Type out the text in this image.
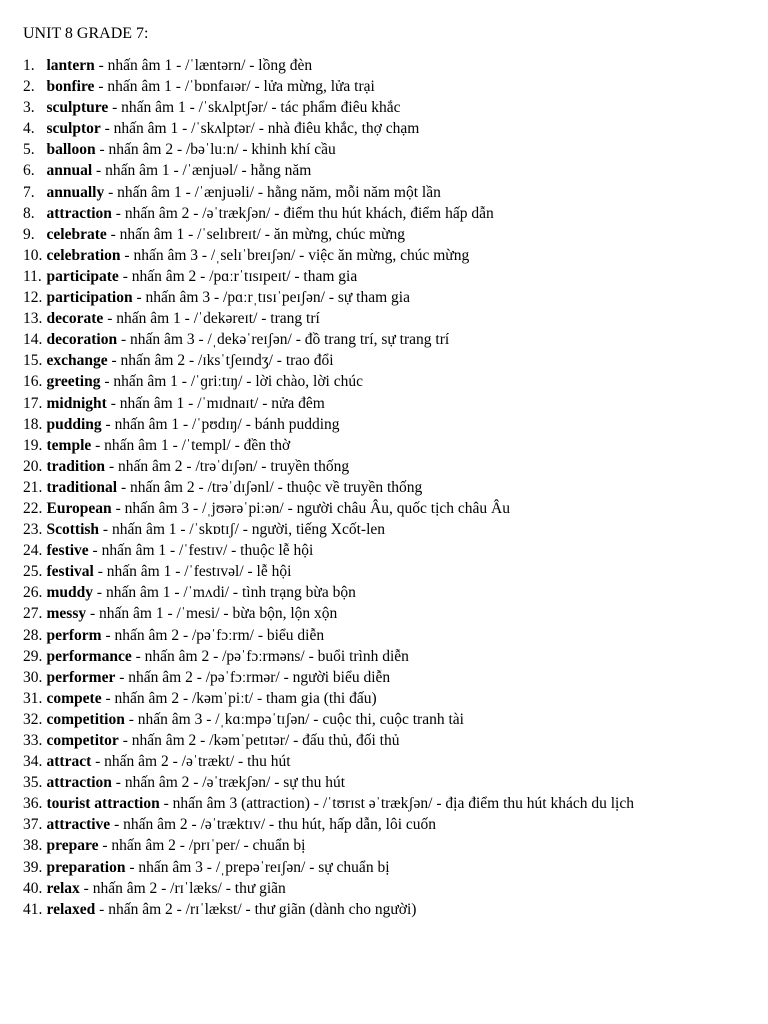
UNIT 8 GRADE 7:
1. lantern - nhấn âm 1 - /ˈlæntərn/ - lồng đèn
2. bonfire - nhấn âm 1 - /ˈbɒnfaɪər/ - lửa mừng, lửa trại
3. sculpture - nhấn âm 1 - /ˈskʌlptʃər/ - tác phẩm điêu khắc
4. sculptor - nhấn âm 1 - /ˈskʌlptər/ - nhà điêu khắc, thợ chạm
5. balloon - nhấn âm 2 - /bəˈluːn/ - khinh khí cầu
6. annual - nhấn âm 1 - /ˈænjuəl/ - hằng năm
7. annually - nhấn âm 1 - /ˈænjuəli/ - hằng năm, mỗi năm một lần
8. attraction - nhấn âm 2 - /əˈtrækʃən/ - điểm thu hút khách, điểm hấp dẫn
9. celebrate - nhấn âm 1 - /ˈselɪbreɪt/ - ăn mừng, chúc mừng
10. celebration - nhấn âm 3 - /ˌselɪˈbreɪʃən/ - việc ăn mừng, chúc mừng
11. participate - nhấn âm 2 - /pɑːrˈtɪsɪpeɪt/ - tham gia
12. participation - nhấn âm 3 - /pɑːrˌtɪsɪˈpeɪʃən/ - sự tham gia
13. decorate - nhấn âm 1 - /ˈdekəreɪt/ - trang trí
14. decoration - nhấn âm 3 - /ˌdekəˈreɪʃən/ - đồ trang trí, sự trang trí
15. exchange - nhấn âm 2 - /ɪksˈtʃeɪndʒ/ - trao đổi
16. greeting - nhấn âm 1 - /ˈɡriːtɪŋ/ - lời chào, lời chúc
17. midnight - nhấn âm 1 - /ˈmɪdnaɪt/ - nửa đêm
18. pudding - nhấn âm 1 - /ˈpʊdɪŋ/ - bánh pudding
19. temple - nhấn âm 1 - /ˈtempl/ - đền thờ
20. tradition - nhấn âm 2 - /trəˈdɪʃən/ - truyền thống
21. traditional - nhấn âm 2 - /trəˈdɪʃənl/ - thuộc về truyền thống
22. European - nhấn âm 3 - /ˌjʊərəˈpiːən/ - người châu Âu, quốc tịch châu Âu
23. Scottish - nhấn âm 1 - /ˈskɒtɪʃ/ - người, tiếng Xcốt-len
24. festive - nhấn âm 1 - /ˈfestɪv/ - thuộc lễ hội
25. festival - nhấn âm 1 - /ˈfestɪvəl/ - lễ hội
26. muddy - nhấn âm 1 - /ˈmʌdi/ - tình trạng bừa bộn
27. messy - nhấn âm 1 - /ˈmesi/ - bừa bộn, lộn xộn
28. perform - nhấn âm 2 - /pəˈfɔːrm/ - biểu diễn
29. performance - nhấn âm 2 - /pəˈfɔːrməns/ - buổi trình diễn
30. performer - nhấn âm 2 - /pəˈfɔːrmər/ - người biểu diễn
31. compete - nhấn âm 2 - /kəmˈpiːt/ - tham gia (thi đấu)
32. competition - nhấn âm 3 - /ˌkɑːmpəˈtɪʃən/ - cuộc thi, cuộc tranh tài
33. competitor - nhấn âm 2 - /kəmˈpetɪtər/ - đấu thủ, đối thủ
34. attract - nhấn âm 2 - /əˈtrækt/ - thu hút
35. attraction - nhấn âm 2 - /əˈtrækʃən/ - sự thu hút
36. tourist attraction - nhấn âm 3 (attraction) - /ˈtʊrɪst əˈtrækʃən/ - địa điểm thu hút khách du lịch
37. attractive - nhấn âm 2 - /əˈtræktɪv/ - thu hút, hấp dẫn, lôi cuốn
38. prepare - nhấn âm 2 - /prɪˈper/ - chuẩn bị
39. preparation - nhấn âm 3 - /ˌprepəˈreɪʃən/ - sự chuẩn bị
40. relax - nhấn âm 2 - /rɪˈlæks/ - thư giãn
41. relaxed - nhấn âm 2 - /rɪˈlækst/ - thư giãn (dành cho người)
